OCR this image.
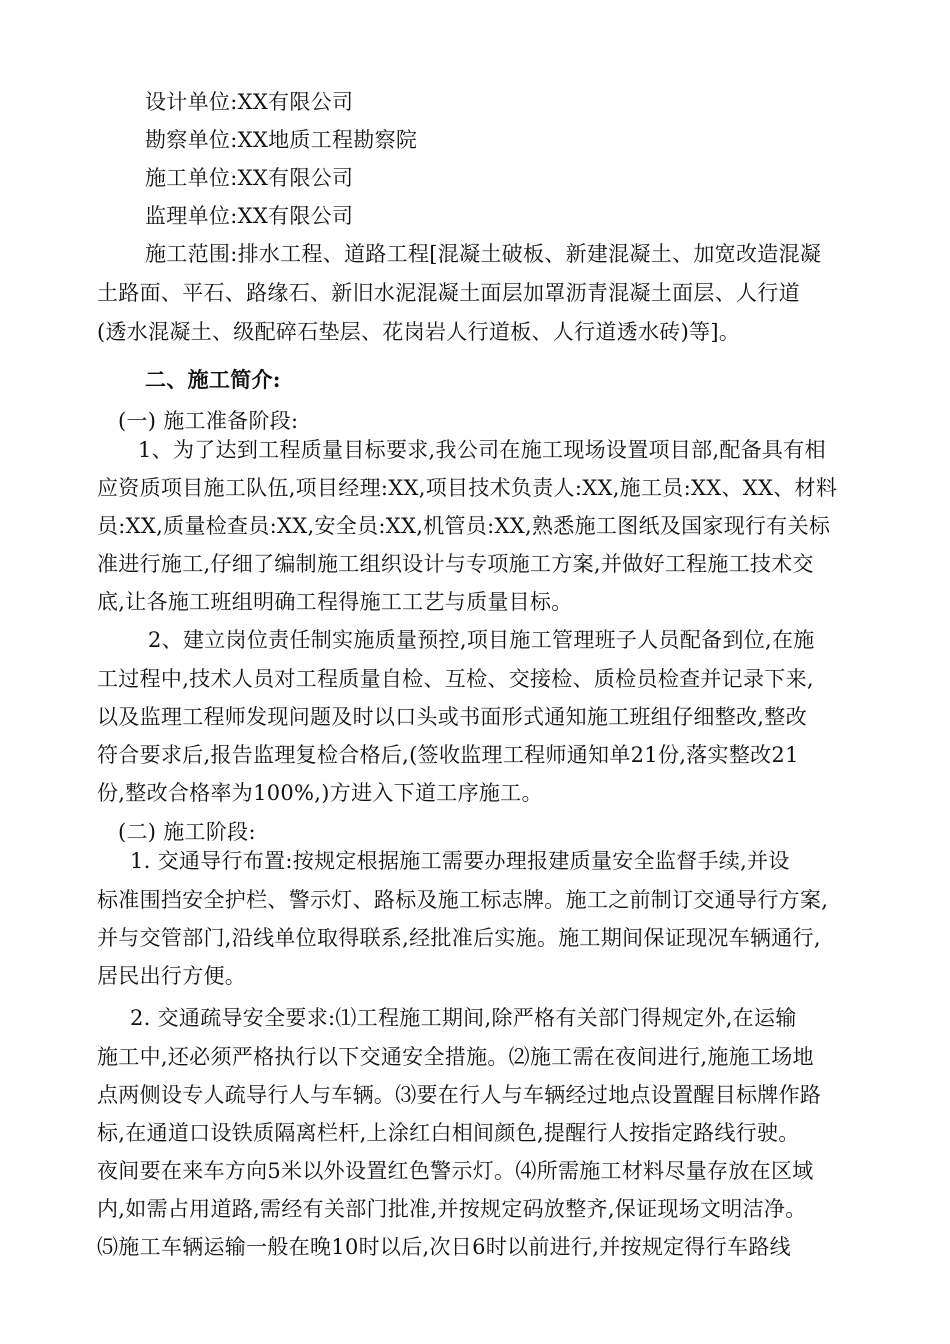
设计单位:XX有限公司
勘察单位:XX地质工程勘察院
施工单位:XX有限公司
监理单位:XX有限公司
施工范围:排水工程、道路工程[混凝土破板、新建混凝土、加宽改造混凝
土路面、平石、路缘石、新旧水泥混凝土面层加罩沥青混凝土面层、人行道
(透水混凝土、级配碎石垫层、花岗岩人行道板、人行道透水砖)等]。
二、施工简介:
(一) 施工准备阶段:
1、为了达到工程质量目标要求,我公司在施工现场设置项目部,配备具有相
应资质项目施工队伍,项目经理:XX,项目技术负责人:XX,施工员:XX、XX、材料
员:XX,质量检查员:XX,安全员:XX,机管员:XX,熟悉施工图纸及国家现行有关标
准进行施工,仔细了编制施工组织设计与专项施工方案,并做好工程施工技术交
底,让各施工班组明确工程得施工工艺与质量目标。
2、建立岗位责任制实施质量预控,项目施工管理班子人员配备到位,在施
工过程中,技术人员对工程质量自检、互检、交接检、质检员检查并记录下来,
以及监理工程师发现问题及时以口头或书面形式通知施工班组仔细整改,整改
符合要求后,报告监理复检合格后,(签收监理工程师通知单21份,落实整改21
份,整改合格率为100%,)方进入下道工序施工。
(二) 施工阶段:
1. 交通导行布置:按规定根据施工需要办理报建质量安全监督手续,并设
标准围挡安全护栏、警示灯、路标及施工标志牌。施工之前制订交通导行方案,
并与交管部门,沿线单位取得联系,经批准后实施。施工期间保证现况车辆通行,
居民出行方便。
2. 交通疏导安全要求:⑴工程施工期间,除严格有关部门得规定外,在运输
施工中,还必须严格执行以下交通安全措施。⑵施工需在夜间进行,施施工场地
点两侧设专人疏导行人与车辆。⑶要在行人与车辆经过地点设置醒目标牌作路
标,在通道口设铁质隔离栏杆,上涂红白相间颜色,提醒行人按指定路线行驶。
夜间要在来车方向5米以外设置红色警示灯。⑷所需施工材料尽量存放在区域
内,如需占用道路,需经有关部门批准,并按规定码放整齐,保证现场文明洁净。
⑸施工车辆运输一般在晚10时以后,次日6时以前进行,并按规定得行车路线
